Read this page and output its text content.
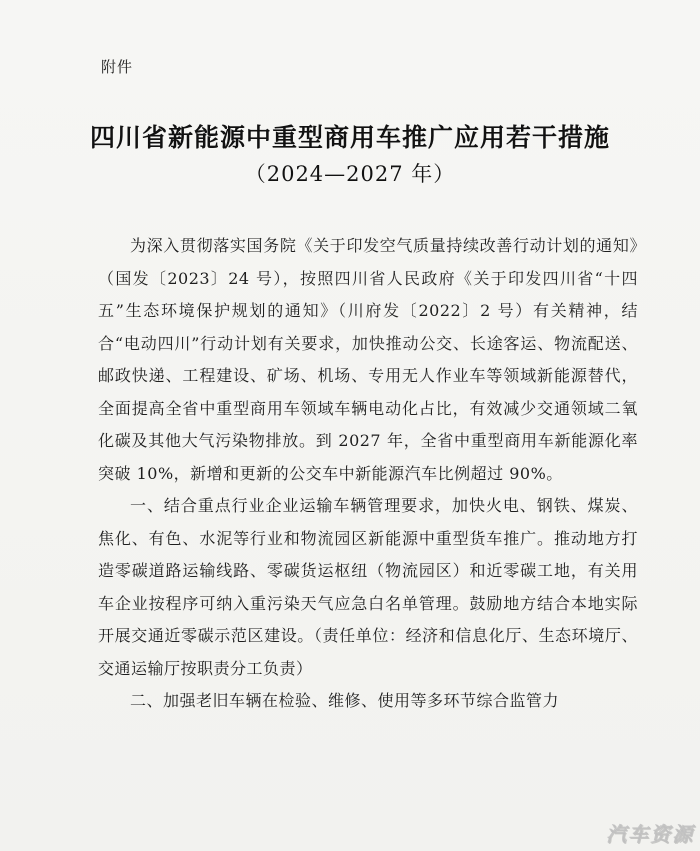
附件
四川省新能源中重型商用车推广应用若干措施
（2024—2027 年）

为深入贯彻落实国务院《关于印发空气质量持续改善行动计划的通知》（国发〔2023〕24 号），按照四川省人民政府《关于印发四川省“十四五”生态环境保护规划的通知》（川府发〔2022〕2 号）有关精神，结合“电动四川”行动计划有关要求，加快推动公交、长途客运、物流配送、邮政快递、工程建设、矿场、机场、专用无人作业车等领域新能源替代，全面提高全省中重型商用车领域车辆电动化占比，有效减少交通领域二氧化碳及其他大气污染物排放。到 2027 年，全省中重型商用车新能源化率突破 10%，新增和更新的公交车中新能源汽车比例超过 90%。

一、结合重点行业企业运输车辆管理要求，加快火电、钢铁、煤炭、焦化、有色、水泥等行业和物流园区新能源中重型货车推广。推动地方打造零碳道路运输线路、零碳货运枢纽（物流园区）和近零碳工地，有关用车企业按程序可纳入重污染天气应急白名单管理。鼓励地方结合本地实际开展交通近零碳示范区建设。（责任单位：经济和信息化厅、生态环境厅、交通运输厅按职责分工负责）

二、加强老旧车辆在检验、维修、使用等多环节综合监管力

汽车资源
